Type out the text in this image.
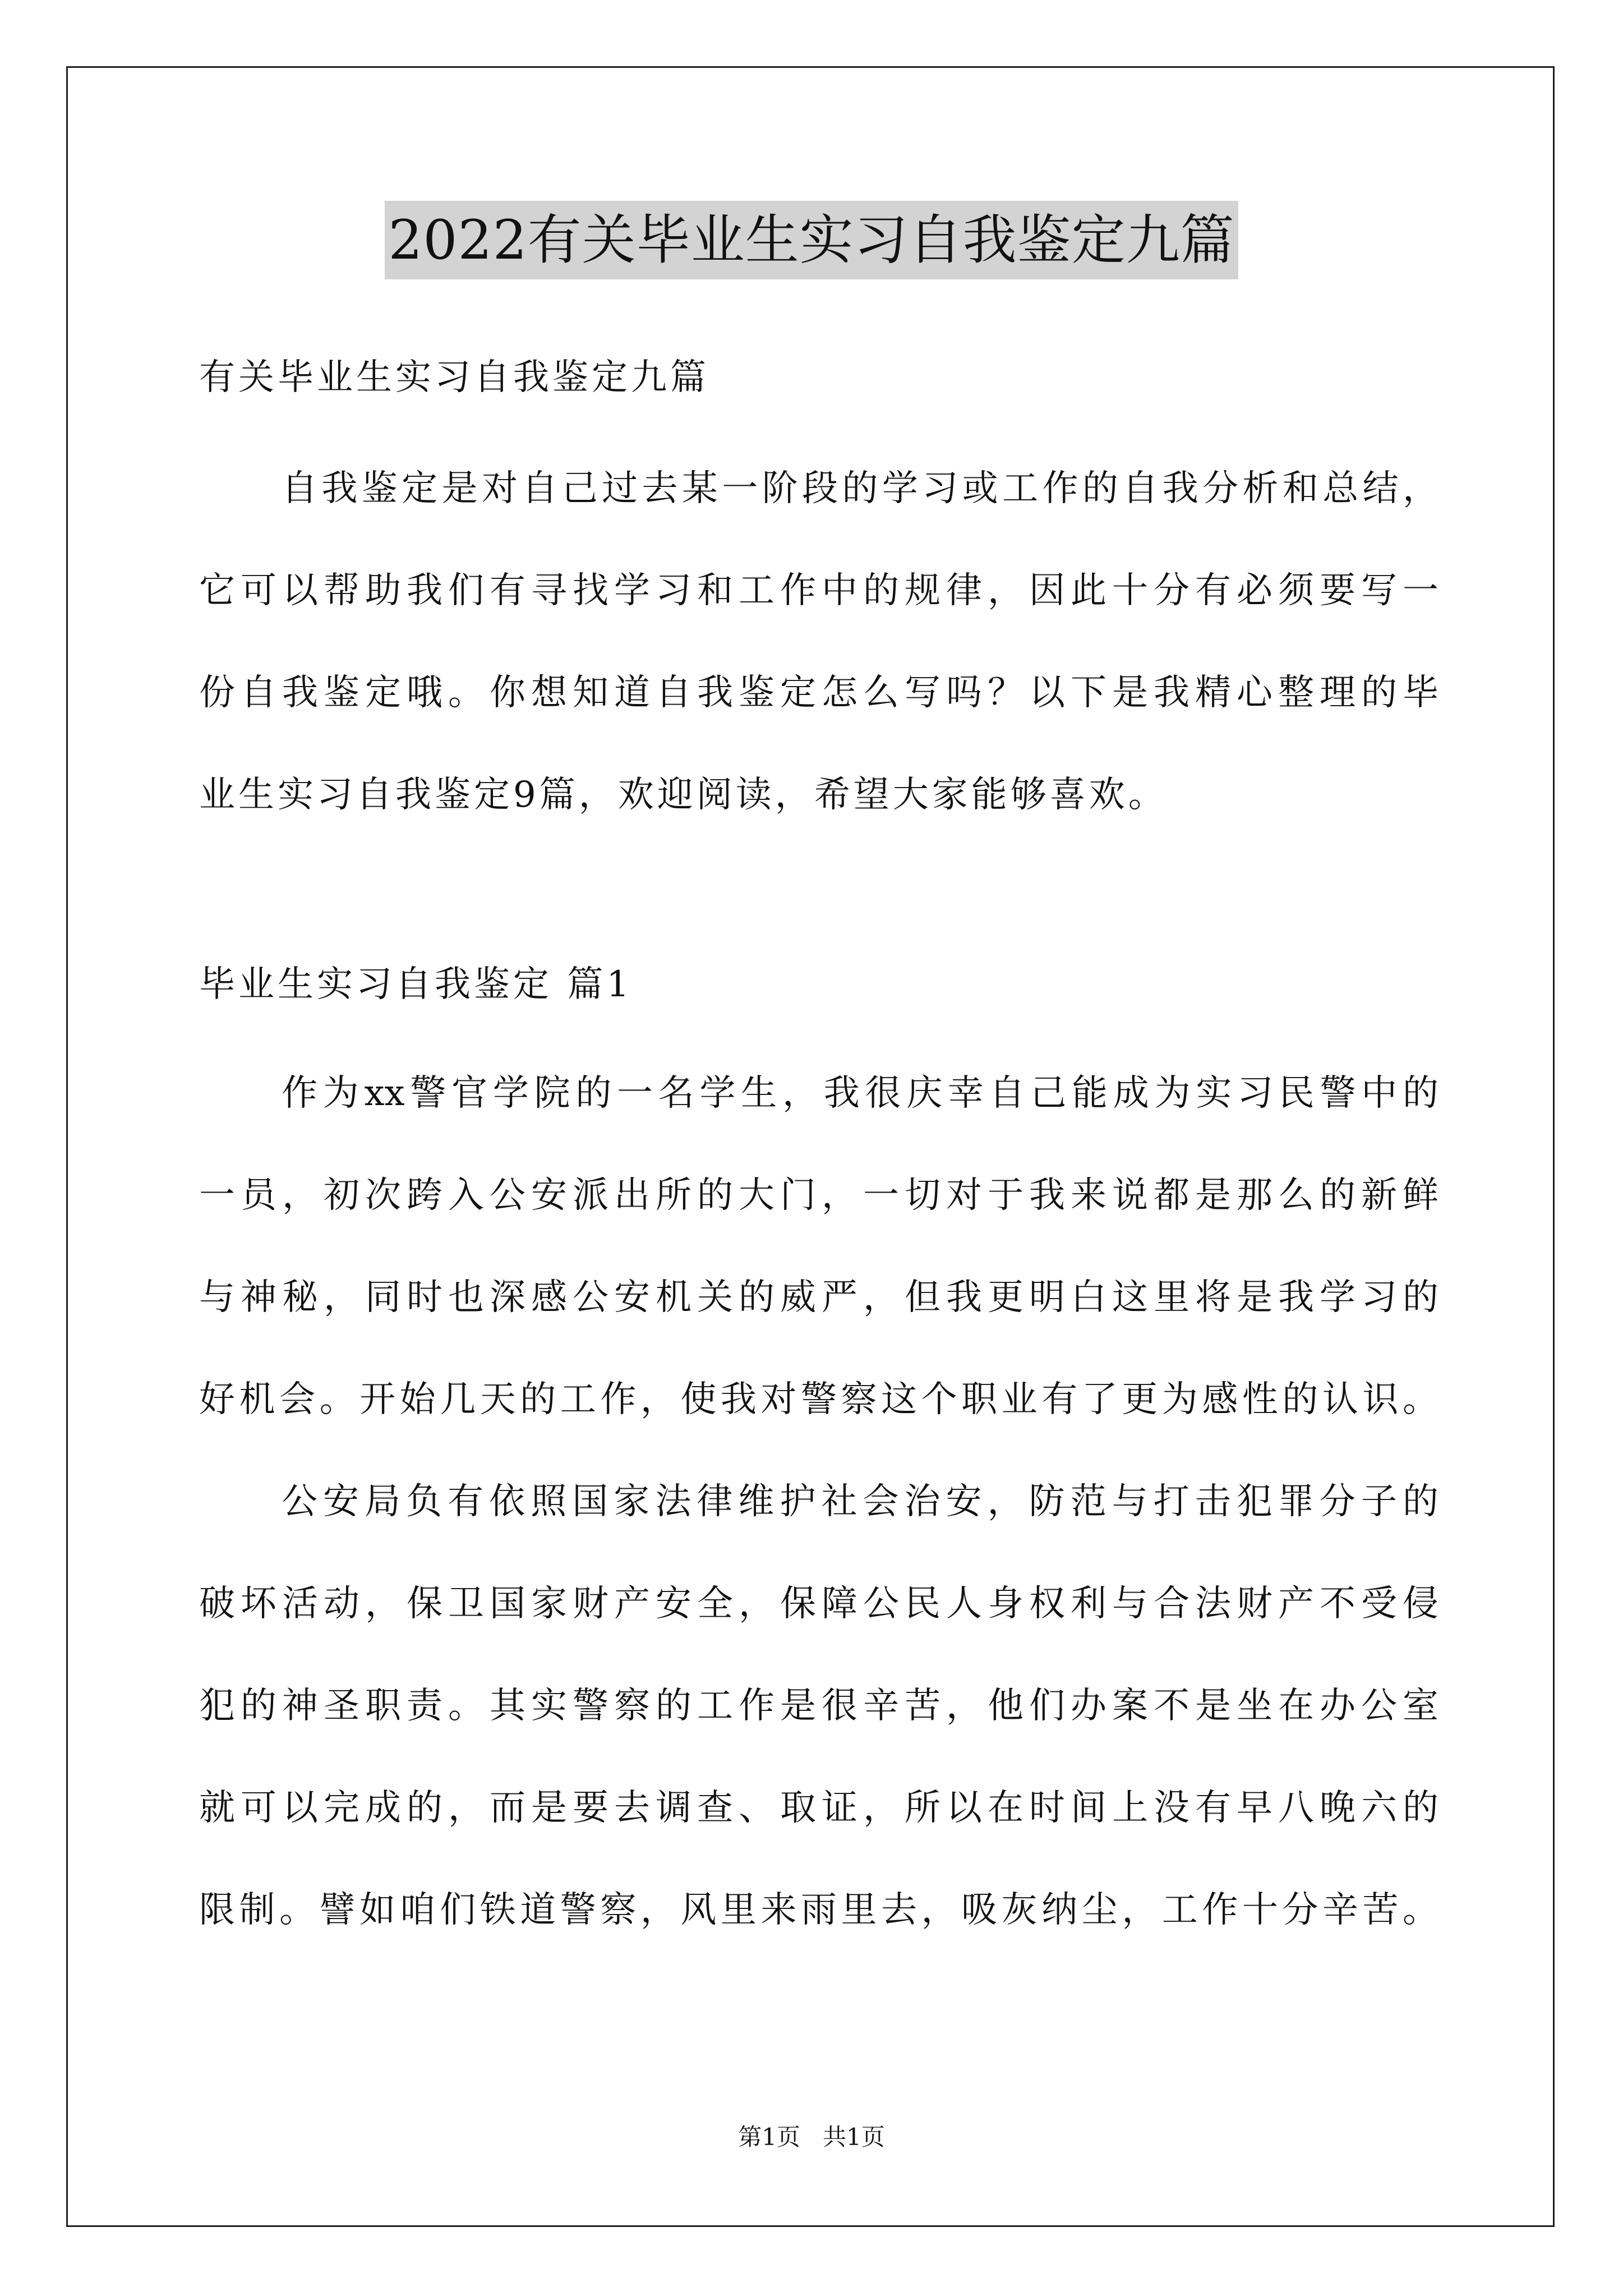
2022有关毕业生实习自我鉴定九篇
有关毕业生实习自我鉴定九篇
自我鉴定是对自己过去某一阶段的学习或工作的自我分析和总结，
它可以帮助我们有寻找学习和工作中的规律，因此十分有必须要写一
份自我鉴定哦。你想知道自我鉴定怎么写吗？以下是我精心整理的毕
业生实习自我鉴定9篇，欢迎阅读，希望大家能够喜欢。
毕业生实习自我鉴定 篇1
作为xx警官学院的一名学生，我很庆幸自己能成为实习民警中的
一员，初次跨入公安派出所的大门，一切对于我来说都是那么的新鲜
与神秘，同时也深感公安机关的威严，但我更明白这里将是我学习的
好机会。开始几天的工作，使我对警察这个职业有了更为感性的认识。
公安局负有依照国家法律维护社会治安，防范与打击犯罪分子的
破坏活动，保卫国家财产安全，保障公民人身权利与合法财产不受侵
犯的神圣职责。其实警察的工作是很辛苦，他们办案不是坐在办公室
就可以完成的，而是要去调查、取证，所以在时间上没有早八晚六的
限制。譬如咱们铁道警察，风里来雨里去，吸灰纳尘，工作十分辛苦。
第1页   共1页
